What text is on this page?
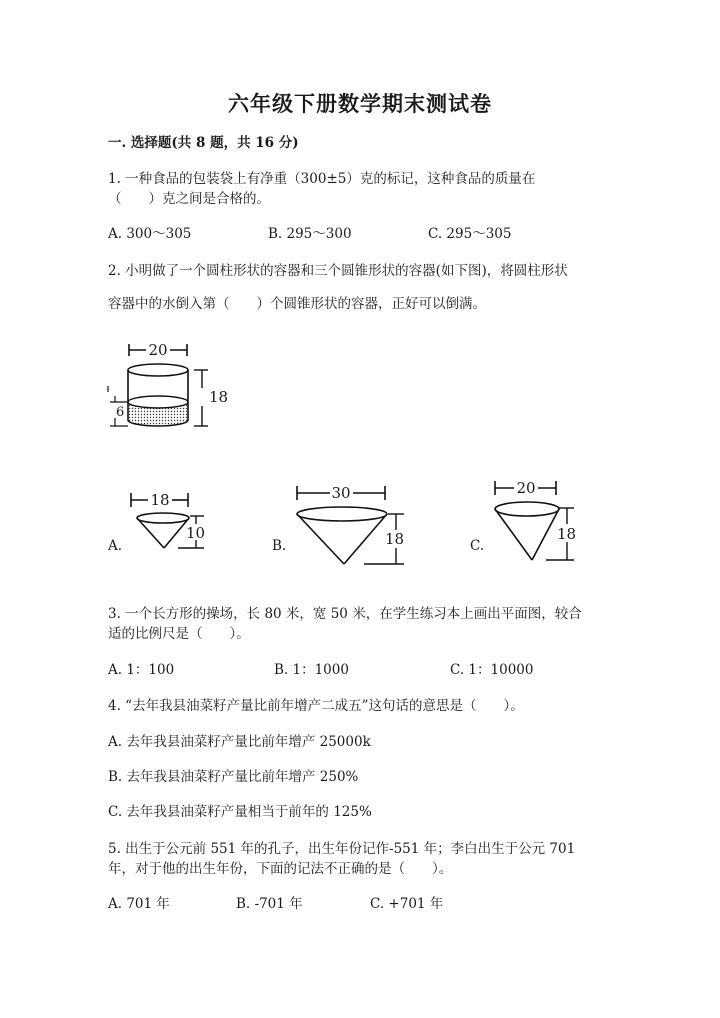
六年级下册数学期末测试卷
一. 选择题(共 8 题，共 16 分)
1. 一种食品的包装袋上有净重（300±5）克的标记，这种食品的质量在
（　　）克之间是合格的。
A. 300～305	B. 295～300	C. 295～305
2. 小明做了一个圆柱形状的容器和三个圆锥形状的容器(如下图)，将圆柱形状
容器中的水倒入第（　　）个圆锥形状的容器，正好可以倒满。
20
18
6
A.
18
10
B.
30
18	C.
20
18
3. 一个长方形的操场，长 80 米，宽 50 米，在学生练习本上画出平面图，较合
适的比例尺是（　　）。
A. 1：100	B. 1：1000	C. 1：10000
4. “去年我县油菜籽产量比前年增产二成五”这句话的意思是（　　）。
A. 去年我县油菜籽产量比前年增产 25000k
B. 去年我县油菜籽产量比前年增产 250%
C. 去年我县油菜籽产量相当于前年的 125%
5. 出生于公元前 551 年的孔子，出生年份记作-551 年；李白出生于公元 701
年，对于他的出生年份，下面的记法不正确的是（　　）。
A. 701 年	B. -701 年	C. +701 年
